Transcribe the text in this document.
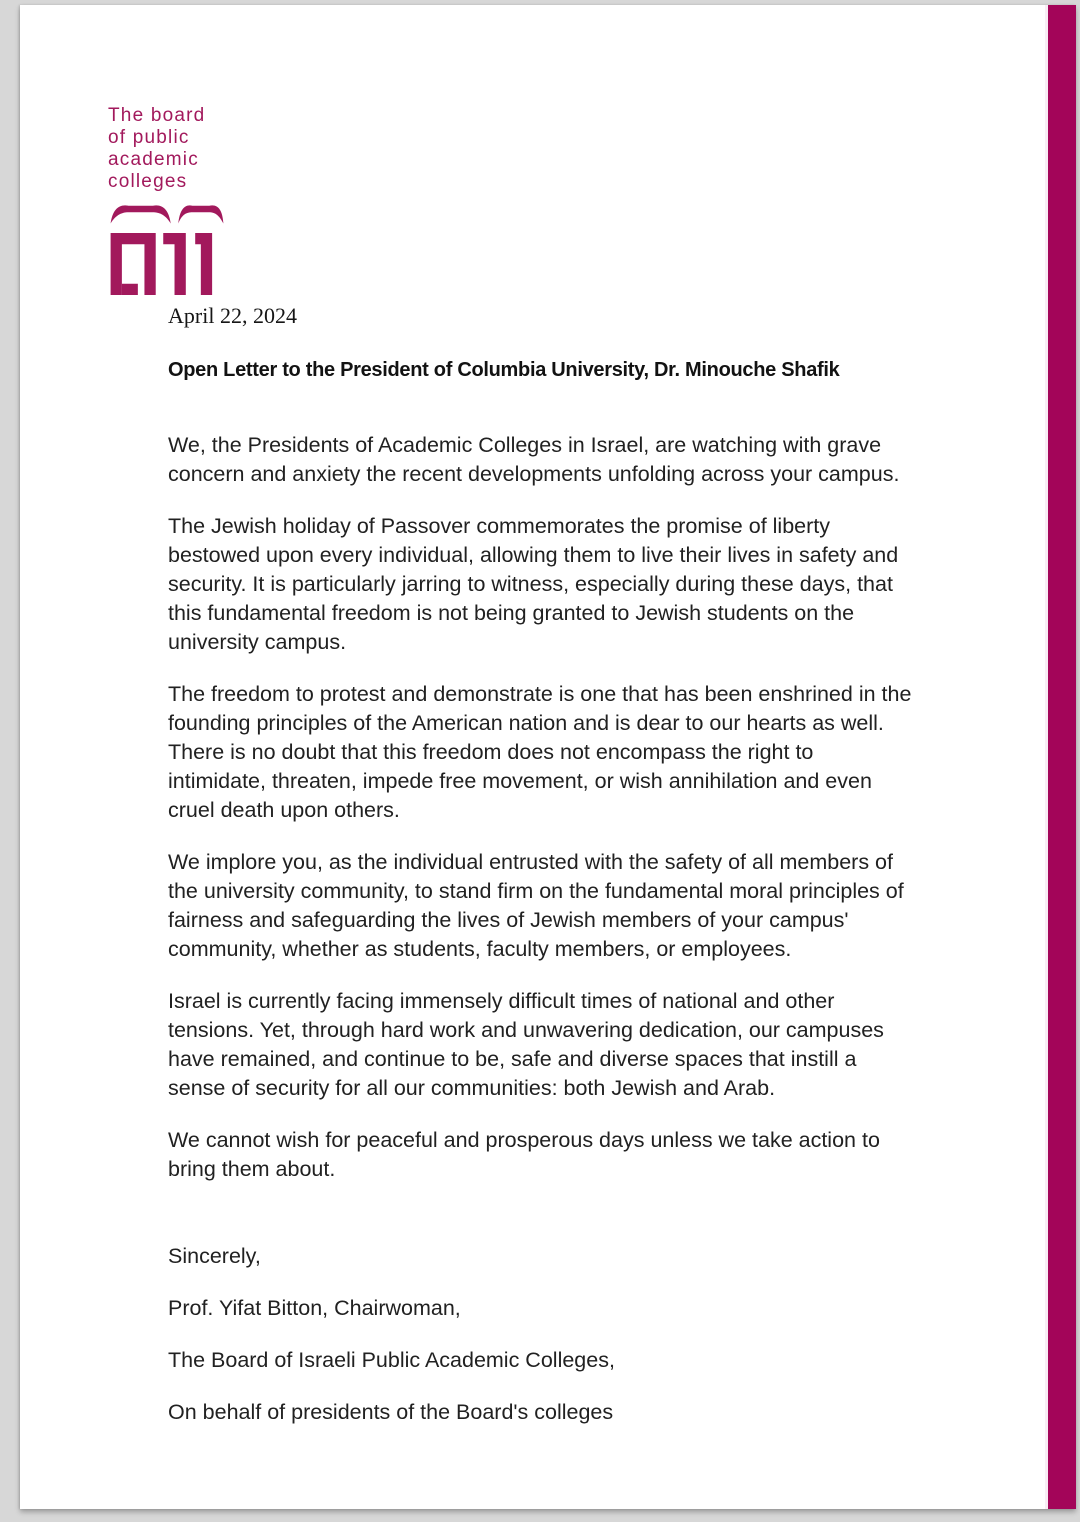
The board
of public
academic
colleges

April 22, 2024

Open Letter to the President of Columbia University, Dr. Minouche Shafik

We, the Presidents of Academic Colleges in Israel, are watching with grave concern and anxiety the recent developments unfolding across your campus.

The Jewish holiday of Passover commemorates the promise of liberty bestowed upon every individual, allowing them to live their lives in safety and security. It is particularly jarring to witness, especially during these days, that this fundamental freedom is not being granted to Jewish students on the university campus.

The freedom to protest and demonstrate is one that has been enshrined in the founding principles of the American nation and is dear to our hearts as well. There is no doubt that this freedom does not encompass the right to intimidate, threaten, impede free movement, or wish annihilation and even cruel death upon others.

We implore you, as the individual entrusted with the safety of all members of the university community, to stand firm on the fundamental moral principles of fairness and safeguarding the lives of Jewish members of your campus' community, whether as students, faculty members, or employees.

Israel is currently facing immensely difficult times of national and other tensions. Yet, through hard work and unwavering dedication, our campuses have remained, and continue to be, safe and diverse spaces that instill a sense of security for all our communities: both Jewish and Arab.

We cannot wish for peaceful and prosperous days unless we take action to bring them about.

Sincerely,

Prof. Yifat Bitton, Chairwoman,

The Board of Israeli Public Academic Colleges,

On behalf of presidents of the Board's colleges
